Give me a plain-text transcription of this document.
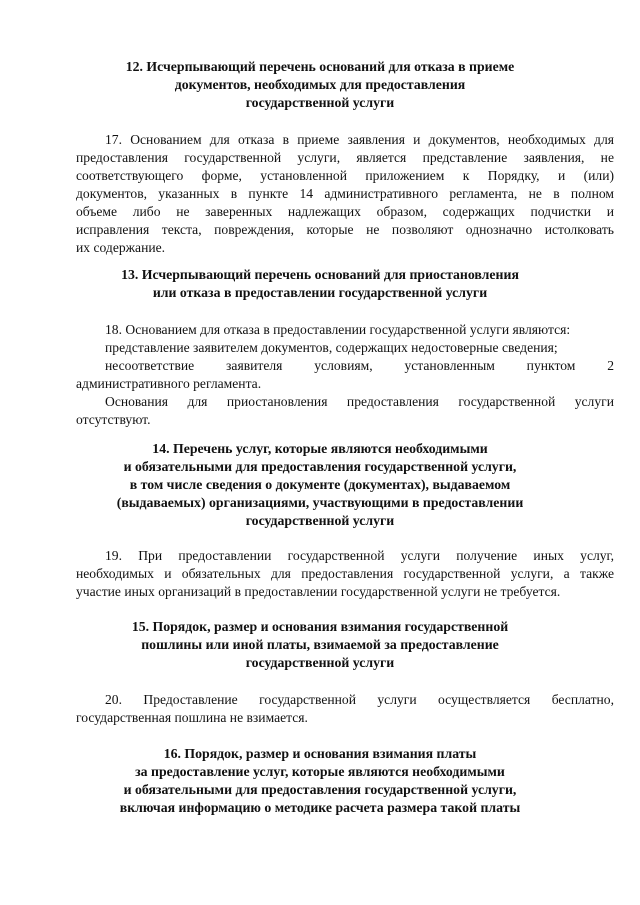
12. Исчерпывающий перечень оснований для отказа в приеме
документов, необходимых для предоставления
государственной услуги
17. Основанием для отказа в приеме заявления и документов, необходимых для
предоставления государственной услуги, является представление заявления, не
соответствующего форме, установленной приложением к Порядку, и (или)
документов, указанных в пункте 14 административного регламента, не в полном
объеме либо не заверенных надлежащих образом, содержащих подчистки и
исправления текста, повреждения, которые не позволяют однозначно истолковать
их содержание.
13. Исчерпывающий перечень оснований для приостановления
или отказа в предоставлении государственной услуги
18. Основанием для отказа в предоставлении государственной услуги являются:
представление заявителем документов, содержащих недостоверные сведения;
несоответствие заявителя условиям, установленным пунктом 2
административного регламента.
Основания для приостановления предоставления государственной услуги
отсутствуют.
14. Перечень услуг, которые являются необходимыми
и обязательными для предоставления государственной услуги,
в том числе сведения о документе (документах), выдаваемом
(выдаваемых) организациями, участвующими в предоставлении
государственной услуги
19. При предоставлении государственной услуги получение иных услуг,
необходимых и обязательных для предоставления государственной услуги, а также
участие иных организаций в предоставлении государственной услуги не требуется.
15. Порядок, размер и основания взимания государственной
пошлины или иной платы, взимаемой за предоставление
государственной услуги
20. Предоставление государственной услуги осуществляется бесплатно,
государственная пошлина не взимается.
16. Порядок, размер и основания взимания платы
за предоставление услуг, которые являются необходимыми
и обязательными для предоставления государственной услуги,
включая информацию о методике расчета размера такой платы
